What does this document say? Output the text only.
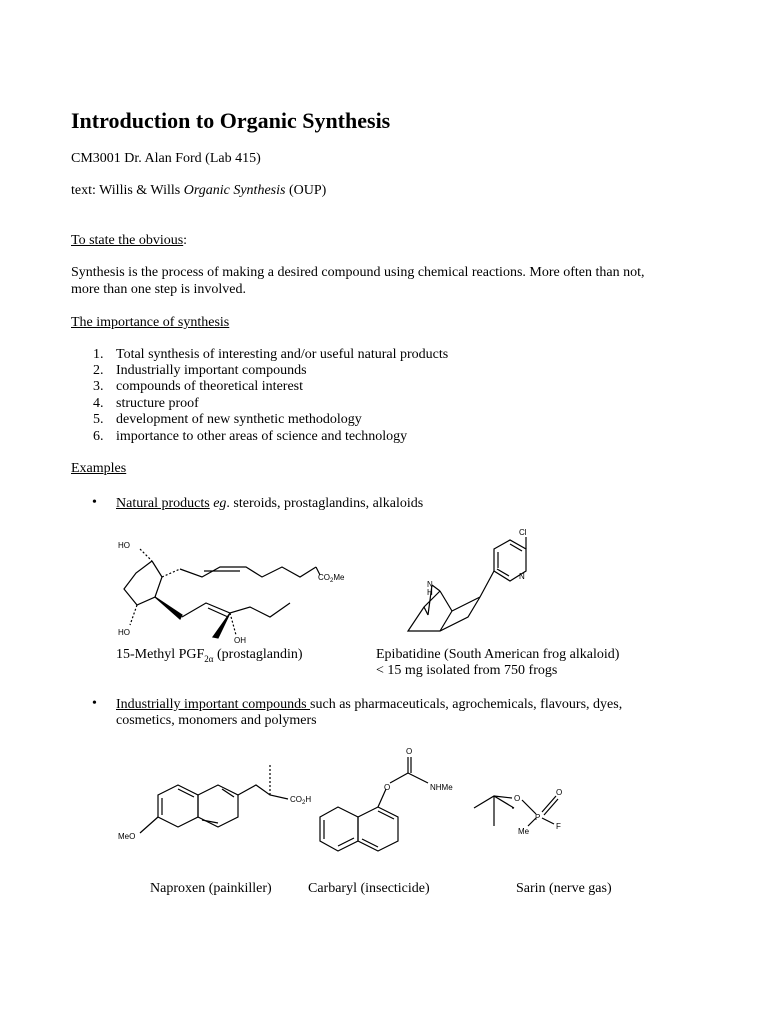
Introduction to Organic Synthesis
CM3001 Dr. Alan Ford (Lab 415)
text: Willis & Wills Organic Synthesis (OUP)
To state the obvious:
Synthesis is the process of making a desired compound using chemical reactions. More often than not,
more than one step is involved.
The importance of synthesis
1. Total synthesis of interesting and/or useful natural products
2. Industrially important compounds
3. compounds of theoretical interest
4. structure proof
5. development of new synthetic methodology
6. importance to other areas of science and technology
Examples
• Natural products eg. steroids, prostaglandins, alkaloids
HO
$CO_2Me$
HO
OH
15-Methyl $PGF_{2\alpha}$ (prostaglandin)
Cl
N
N
H
Epibatidine (South American frog alkaloid)
< 15 mg isolated from 750 frogs
• Industrially important compounds such as pharmaceuticals, agrochemicals, flavours, dyes,
cosmetics, monomers and polymers
$CO_2H$
MeO
O
O	NHMe
O
P
O
F
Me
Naproxen (painkiller)	Carbaryl (insecticide)	Sarin (nerve gas)
